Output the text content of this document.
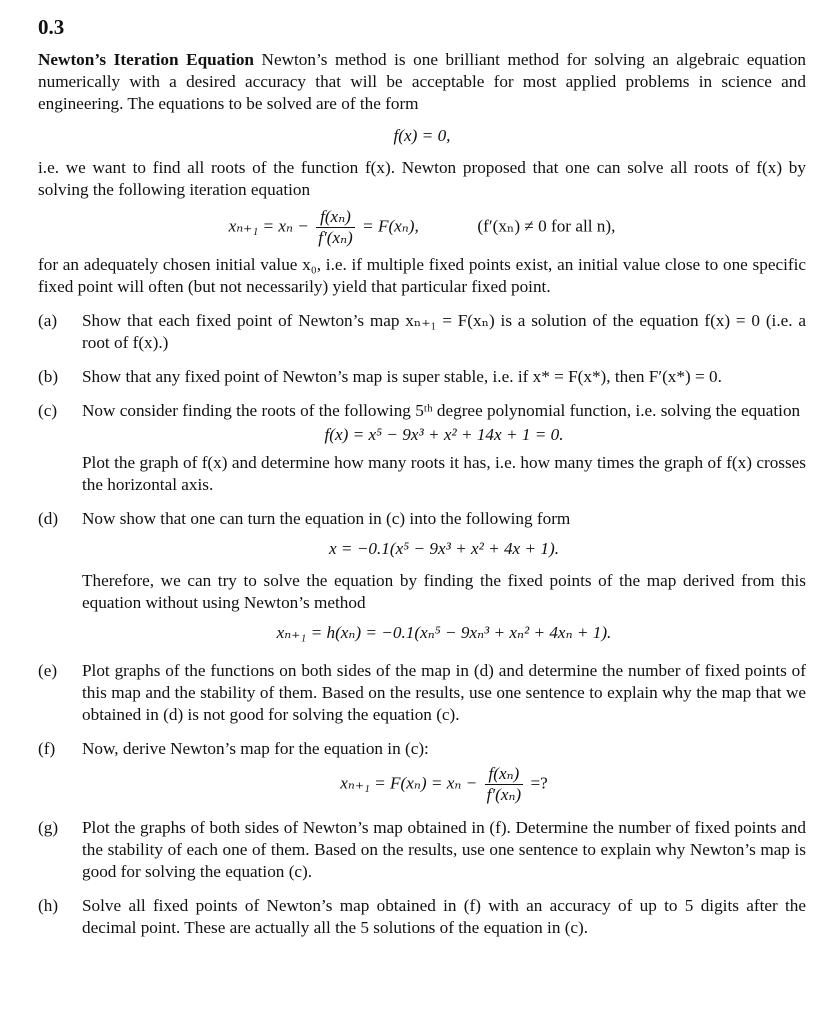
0.3

Newton’s Iteration Equation Newton’s method is one brilliant method for solving an algebraic equation numerically with a desired accuracy that will be acceptable for most applied problems in science and engineering. The equations to be solved are of the form

f(x) = 0,

i.e. we want to find all roots of the function f(x). Newton proposed that one can solve all roots of f(x) by solving the following iteration equation

$x_{n+1} = x_n - \frac{\text{f(xₙ)}}{\text{f′(xₙ)}} = F(x_n)$,	(f′(xₙ) ≠ 0 for all n),

for an adequately chosen initial value x₀, i.e. if multiple fixed points exist, an initial value close to one specific fixed point will often (but not necessarily) yield that particular fixed point.

(a) Show that each fixed point of Newton’s map xₙ₊₁ = F(xₙ) is a solution of the equation f(x) = 0 (i.e. a root of f(x).)

(b) Show that any fixed point of Newton’s map is super stable, i.e. if x* = F(x*), then F′(x*) = 0.

(c) Now consider finding the roots of the following 5ᵗʰ degree polynomial function, i.e. solving the equation

f(x) = x⁵ − 9x³ + x² + 14x + 1 = 0.

Plot the graph of f(x) and determine how many roots it has, i.e. how many times the graph of f(x) crosses the horizontal axis.

(d) Now show that one can turn the equation in (c) into the following form

x = −0.1(x⁵ − 9x³ + x² + 4x + 1).

Therefore, we can try to solve the equation by finding the fixed points of the map derived from this equation without using Newton’s method

xₙ₊₁ = h(xₙ) = −0.1(xₙ⁵ − 9xₙ³ + xₙ² + 4xₙ + 1).

(e) Plot graphs of the functions on both sides of the map in (d) and determine the number of fixed points of this map and the stability of them. Based on the results, use one sentence to explain why the map that we obtained in (d) is not good for solving the equation (c).

(f) Now, derive Newton’s map for the equation in (c):

$x_{n+1} = F(x_n) = x_n - \frac{\text{f(xₙ)}}{\text{f′(xₙ)}}$ =?

(g) Plot the graphs of both sides of Newton’s map obtained in (f). Determine the number of fixed points and the stability of each one of them. Based on the results, use one sentence to explain why Newton’s map is good for solving the equation (c).

(h) Solve all fixed points of Newton’s map obtained in (f) with an accuracy of up to 5 digits after the decimal point. These are actually all the 5 solutions of the equation in (c).
